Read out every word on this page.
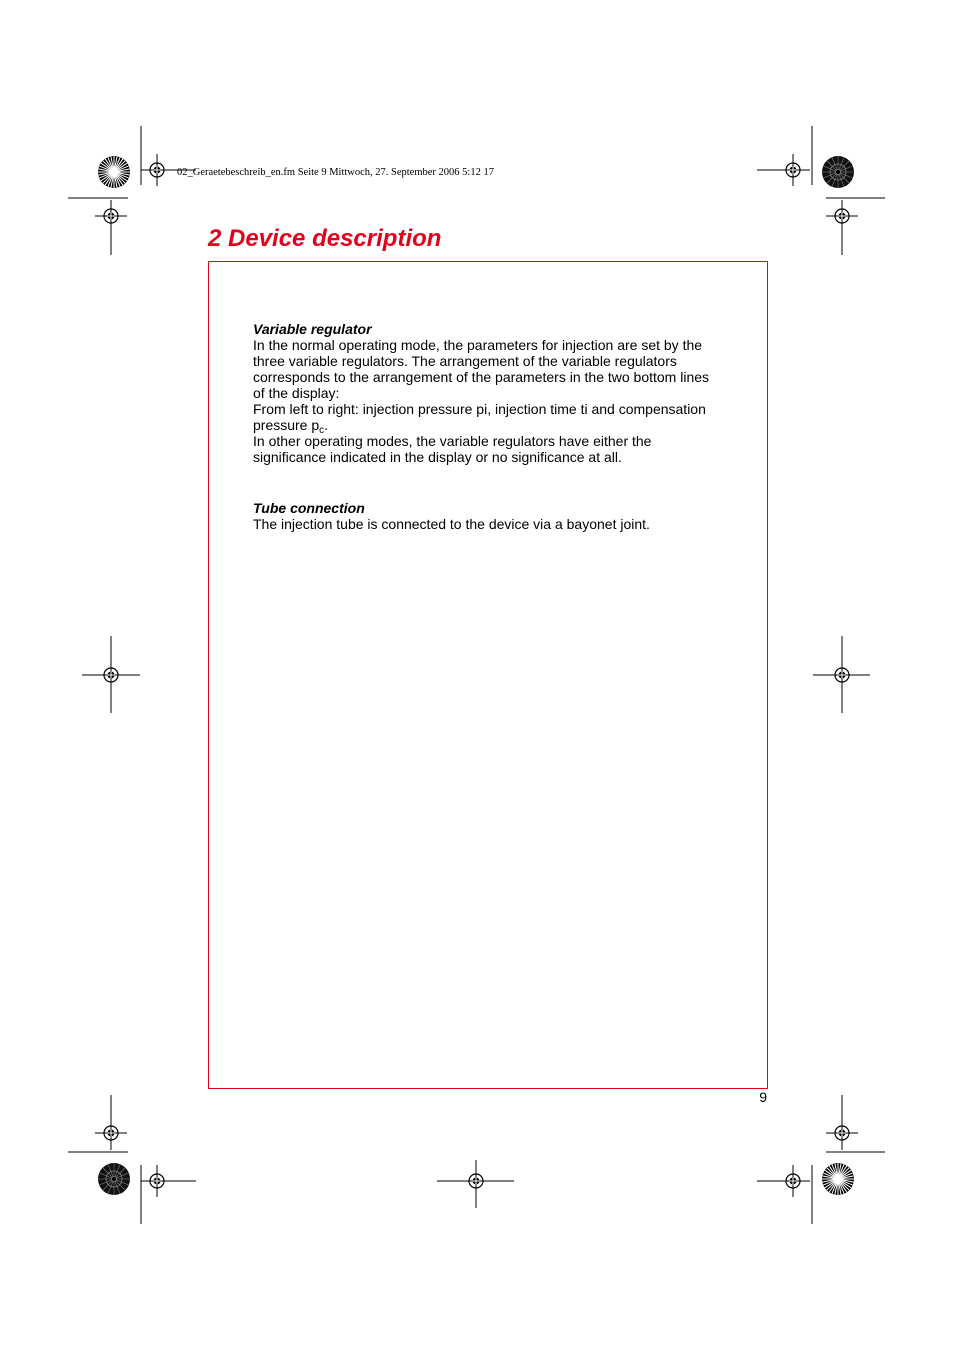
02_Geraetebeschreib_en.fm Seite 9 Mittwoch, 27. September 2006 5:12 17
2 Device description
Variable regulator

In the normal operating mode, the parameters for injection are set by the

three variable regulators. The arrangement of the variable regulators

corresponds to the arrangement of the parameters in the two bottom lines

of the display:

From left to right: injection pressure pi, injection time ti and compensation

pressure $p_c$.

In other operating modes, the variable regulators have either the

significance indicated in the display or no significance at all.

Tube connection

The injection tube is connected to the device via a bayonet joint.

9
